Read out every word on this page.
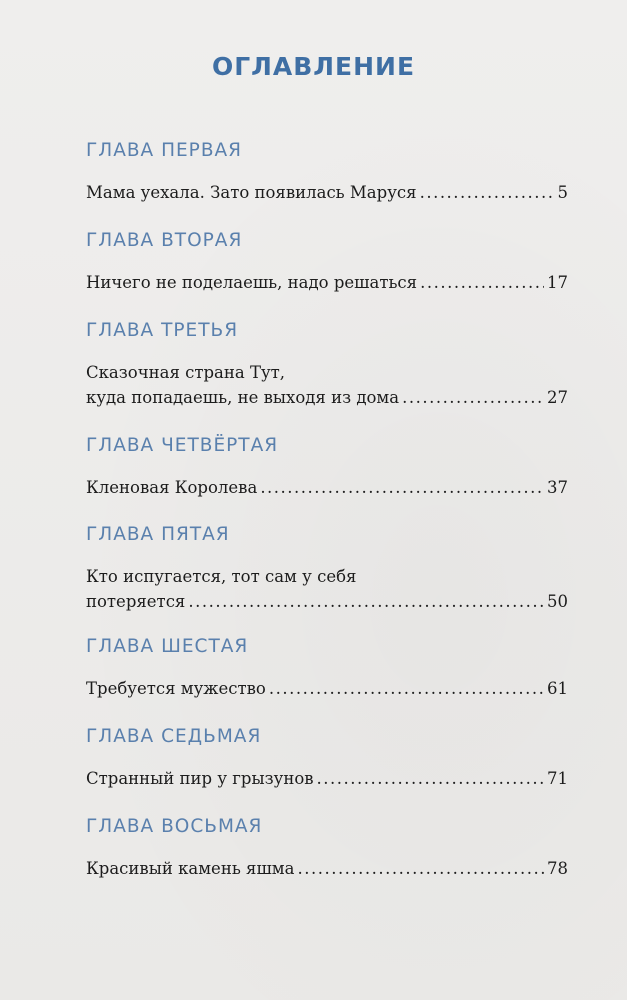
ОГЛАВЛЕНИЕ
ГЛАВА ПЕРВАЯ
Мама уехала. Зато появилась Маруся .....	5
ГЛАВА ВТОРАЯ
Ничего не поделаешь, надо решаться .....	17
ГЛАВА ТРЕТЬЯ
Сказочная страна Тут,
куда попадаешь, не выходя из дома .....	27
ГЛАВА ЧЕТВЁРТАЯ
Кленовая Королева .....	37
ГЛАВА ПЯТАЯ
Кто испугается, тот сам у себя
потеряется .....	50
ГЛАВА ШЕСТАЯ
Требуется мужество .....	61
ГЛАВА СЕДЬМАЯ
Странный пир у грызунов .....	71
ГЛАВА ВОСЬМАЯ
Красивый камень яшма .....	78
